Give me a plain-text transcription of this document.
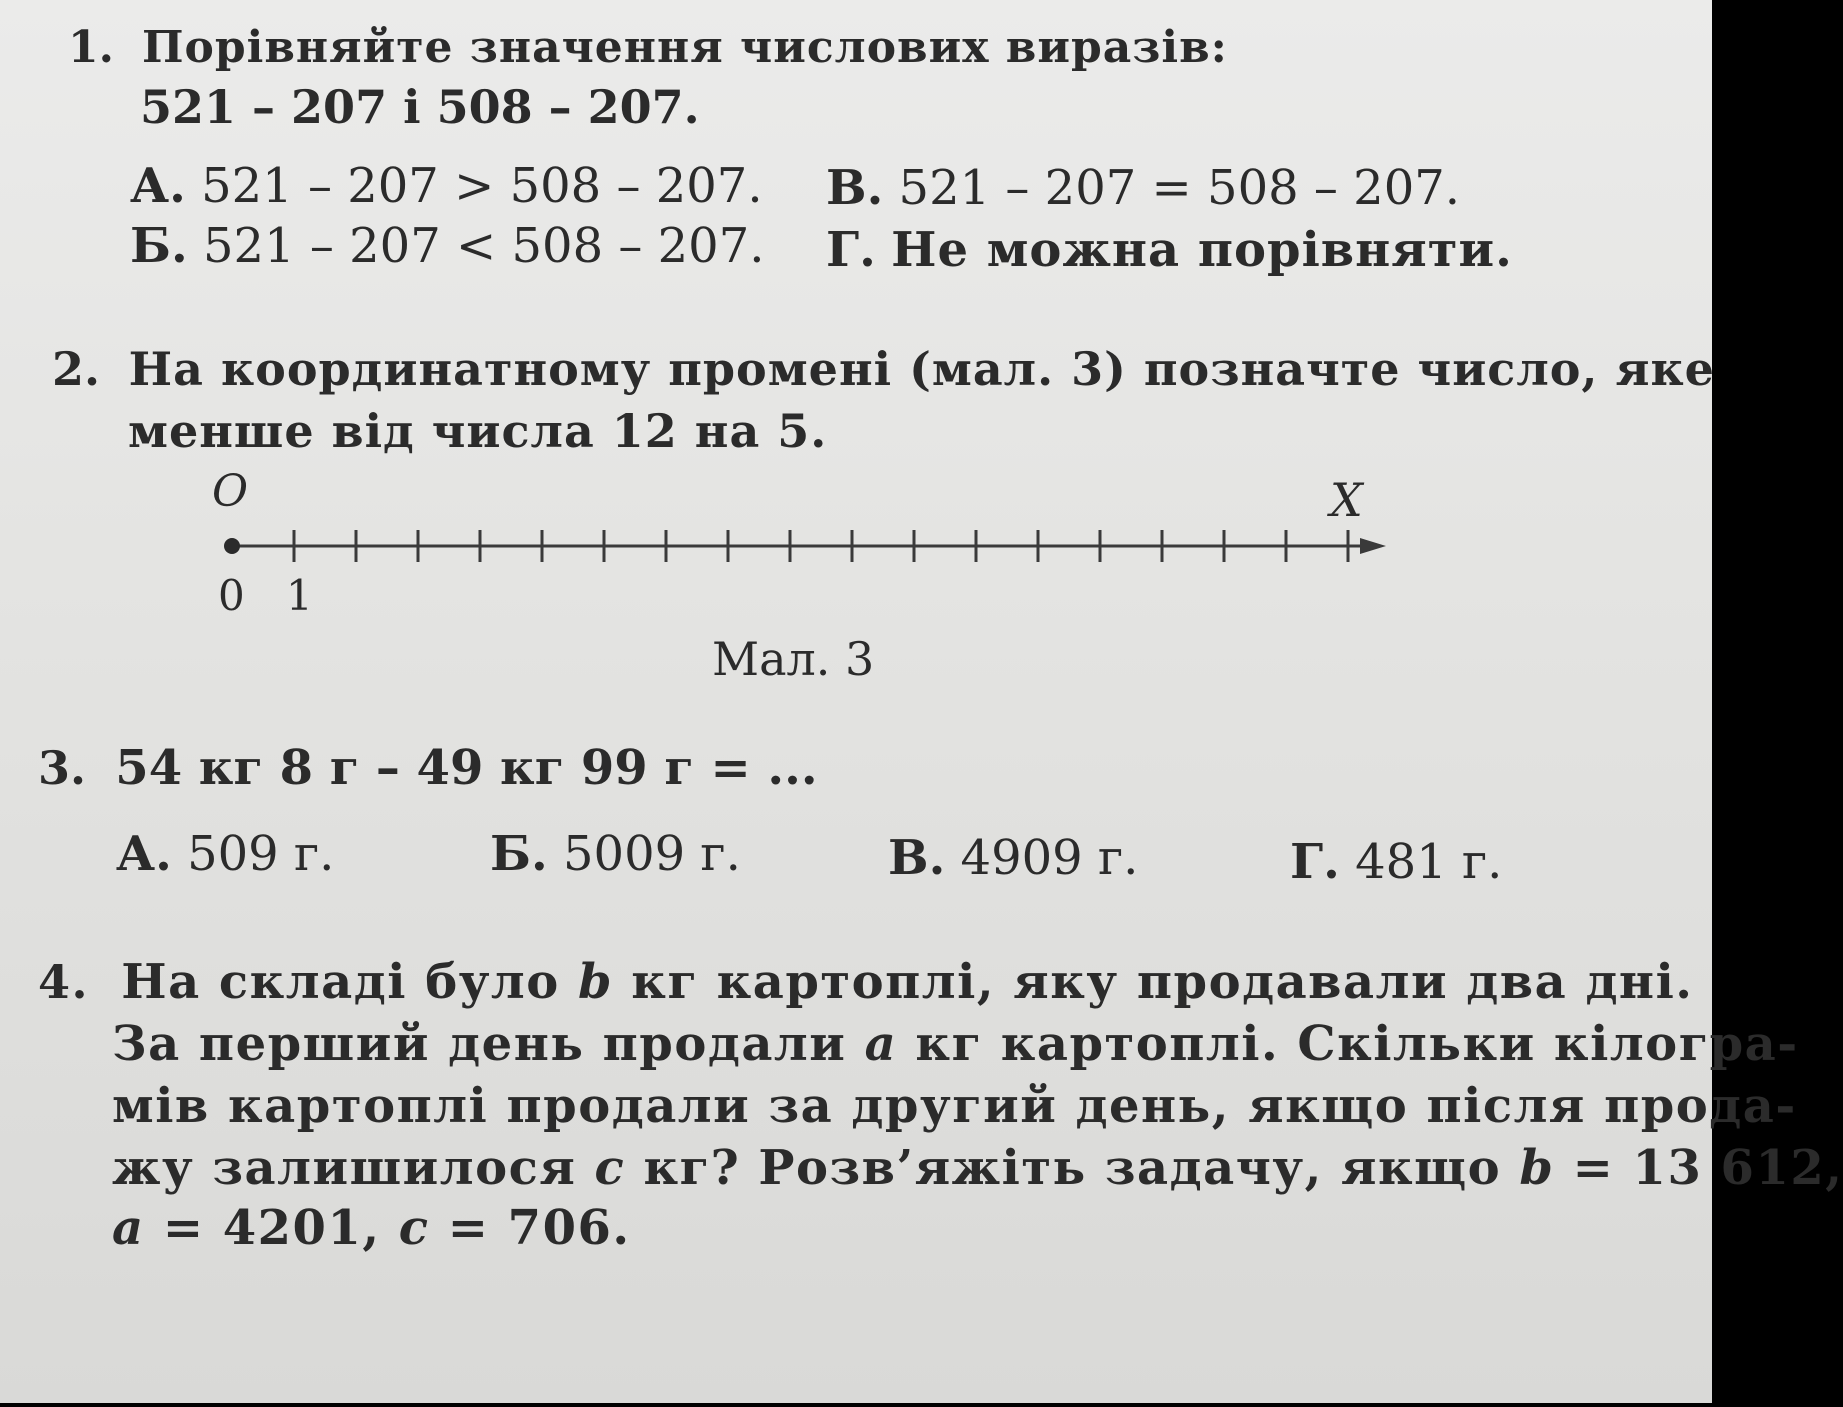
1. Порівняйте значення числових виразів:
521 – 207 і 508 – 207.
А. 521 – 207 > 508 – 207.
Б. 521 – 207 < 508 – 207.
В. 521 – 207 = 508 – 207.
Г. Не можна порівняти.
2. На координатному промені (мал. 3) позначте число, яке
менше від числа 12 на 5.
O	X
0 1
Мал. 3
3. 54 кг 8 г – 49 кг 99 г = ...
А. 509 г.	Б. 5009 г.	В. 4909 г.	Г. 481 г.
4. На складі було b кг картоплі, яку продавали два дні.
За перший день продали a кг картоплі. Скільки кілогра-
мів картоплі продали за другий день, якщо після прода-
жу залишилося c кг? Розв’яжіть задачу, якщо b = 13 612,
a = 4201, c = 706.
